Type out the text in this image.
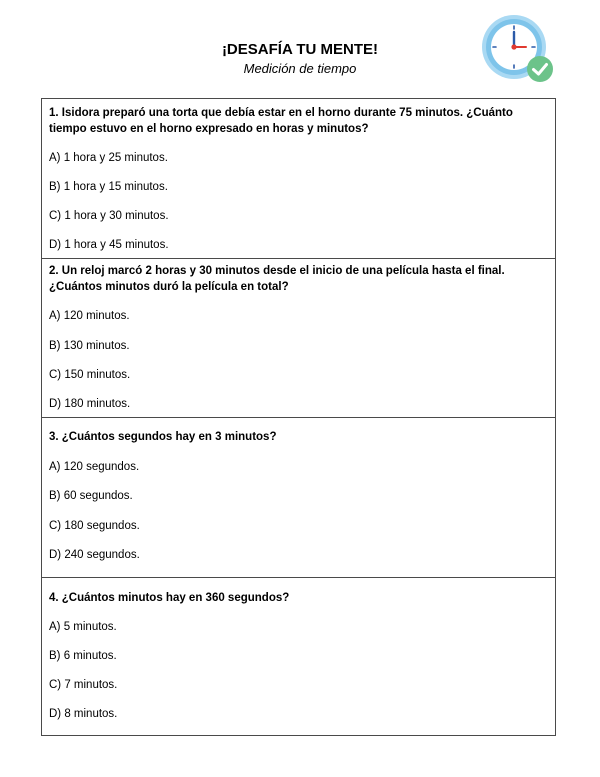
¡DESAFÍA TU MENTE!
Medición de tiempo
1. Isidora preparó una torta que debía estar en el horno durante 75 minutos. ¿Cuánto tiempo estuvo en el horno expresado en horas y minutos?
A) 1 hora y 25 minutos.
B) 1 hora y 15 minutos.
C) 1 hora y 30 minutos.
D) 1 hora y 45 minutos.
2. Un reloj marcó 2 horas y 30 minutos desde el inicio de una película hasta el final. ¿Cuántos minutos duró la película en total?
A) 120 minutos.
B) 130 minutos.
C) 150 minutos.
D) 180 minutos.
3. ¿Cuántos segundos hay en 3 minutos?
A) 120 segundos.
B) 60 segundos.
C) 180 segundos.
D) 240 segundos.
4. ¿Cuántos minutos hay en 360 segundos?
A) 5 minutos.
B) 6 minutos.
C) 7 minutos.
D) 8 minutos.
